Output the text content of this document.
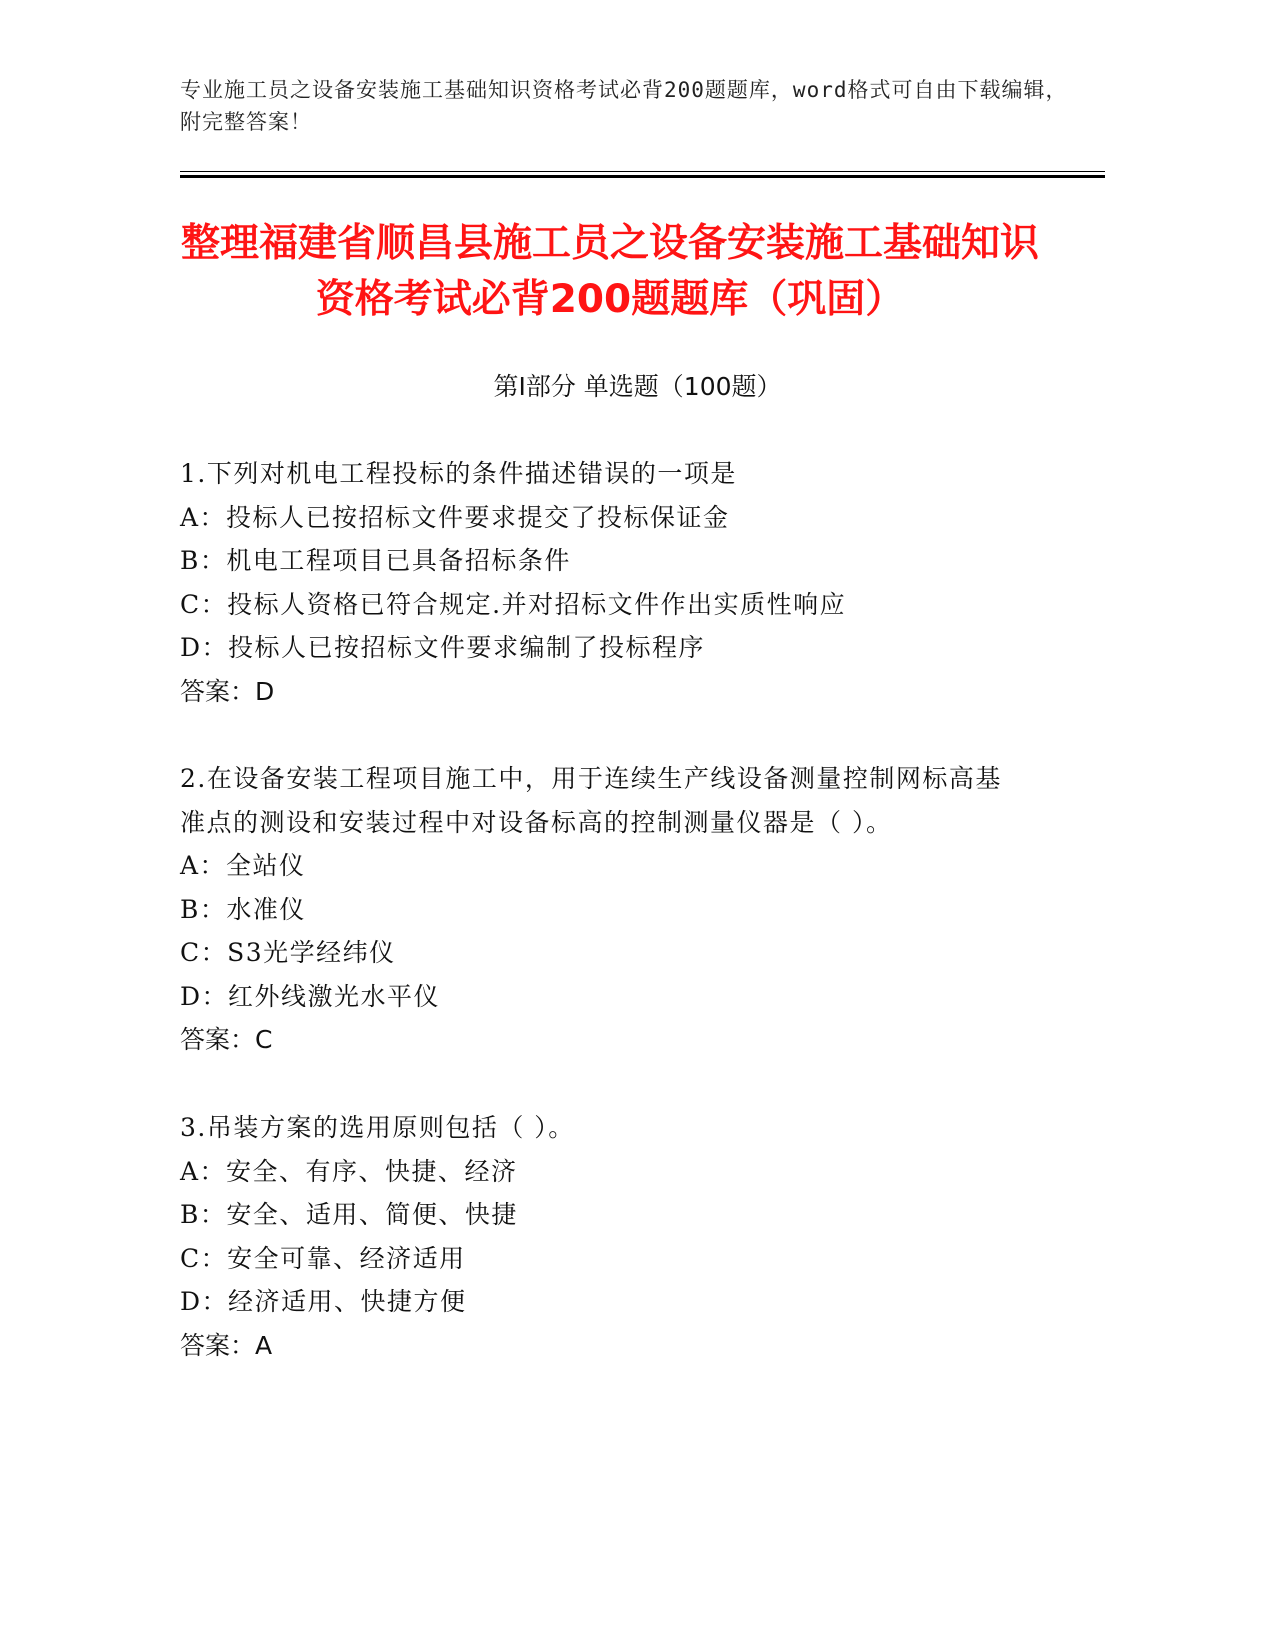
专业施工员之设备安装施工基础知识资格考试必背200题题库，word格式可自由下载编辑，附完整答案！
整理福建省顺昌县施工员之设备安装施工基础知识资格考试必背200题题库（巩固）
第Ⅰ部分 单选题（100题）
1.下列对机电工程投标的条件描述错误的一项是
A：投标人已按招标文件要求提交了投标保证金
B：机电工程项目已具备招标条件
C：投标人资格已符合规定.并对招标文件作出实质性响应
D：投标人已按招标文件要求编制了投标程序
答案：D
2.在设备安装工程项目施工中，用于连续生产线设备测量控制网标高基准点的测设和安装过程中对设备标高的控制测量仪器是（ ）。
A：全站仪
B：水准仪
C：S3光学经纬仪
D：红外线激光水平仪
答案：C
3.吊装方案的选用原则包括（ ）。
A：安全、有序、快捷、经济
B：安全、适用、简便、快捷
C：安全可靠、经济适用
D：经济适用、快捷方便
答案：A
